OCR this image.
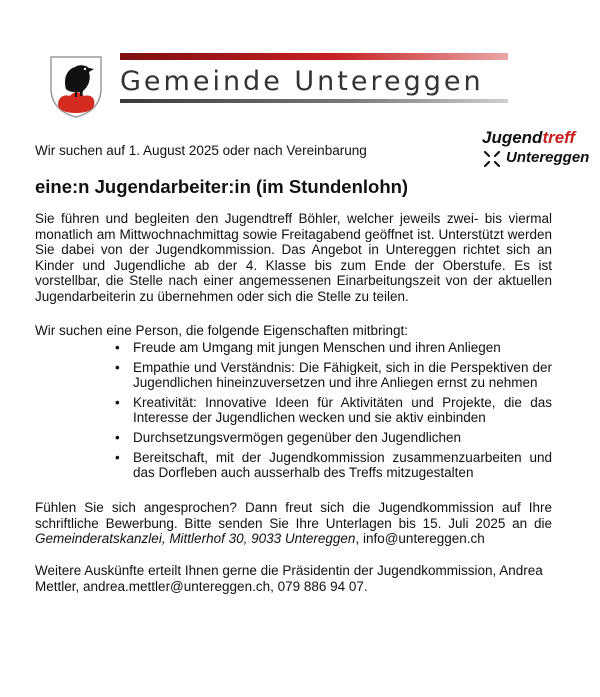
Gemeinde Untereggen
Wir suchen auf 1. August 2025 oder nach Vereinbarung
Jugendtreff
Untereggen
eine:n Jugendarbeiter:in (im Stundenlohn)

Sie führen und begleiten den Jugendtreff Böhler, welcher jeweils zwei- bis viermal monatlich am Mittwochnachmittag sowie Freitagabend geöffnet ist. Unterstützt werden Sie dabei von der Jugendkommission. Das Angebot in Untereggen richtet sich an Kinder und Jugendliche ab der 4. Klasse bis zum Ende der Oberstufe. Es ist vorstellbar, die Stelle nach einer angemessenen Einarbeitungszeit von der aktuellen Jugendarbeiterin zu übernehmen oder sich die Stelle zu teilen.

Wir suchen eine Person, die folgende Eigenschaften mitbringt:

• Freude am Umgang mit jungen Menschen und ihren Anliegen
• Empathie und Verständnis: Die Fähigkeit, sich in die Perspektiven der Jugendlichen hineinzuversetzen und ihre Anliegen ernst zu nehmen
• Kreativität: Innovative Ideen für Aktivitäten und Projekte, die das Interesse der Jugendlichen wecken und sie aktiv einbinden
• Durchsetzungsvermögen gegenüber den Jugendlichen
• Bereitschaft, mit der Jugendkommission zusammenzuarbeiten und das Dorfleben auch ausserhalb des Treffs mitzugestalten

Fühlen Sie sich angesprochen? Dann freut sich die Jugendkommission auf Ihre schriftliche Bewerbung. Bitte senden Sie Ihre Unterlagen bis 15. Juli 2025 an die Gemeinderatskanzlei, Mittlerhof 30, 9033 Untereggen, info@untereggen.ch

Weitere Auskünfte erteilt Ihnen gerne die Präsidentin der Jugendkommission, Andrea Mettler, andrea.mettler@untereggen.ch, 079 886 94 07.
